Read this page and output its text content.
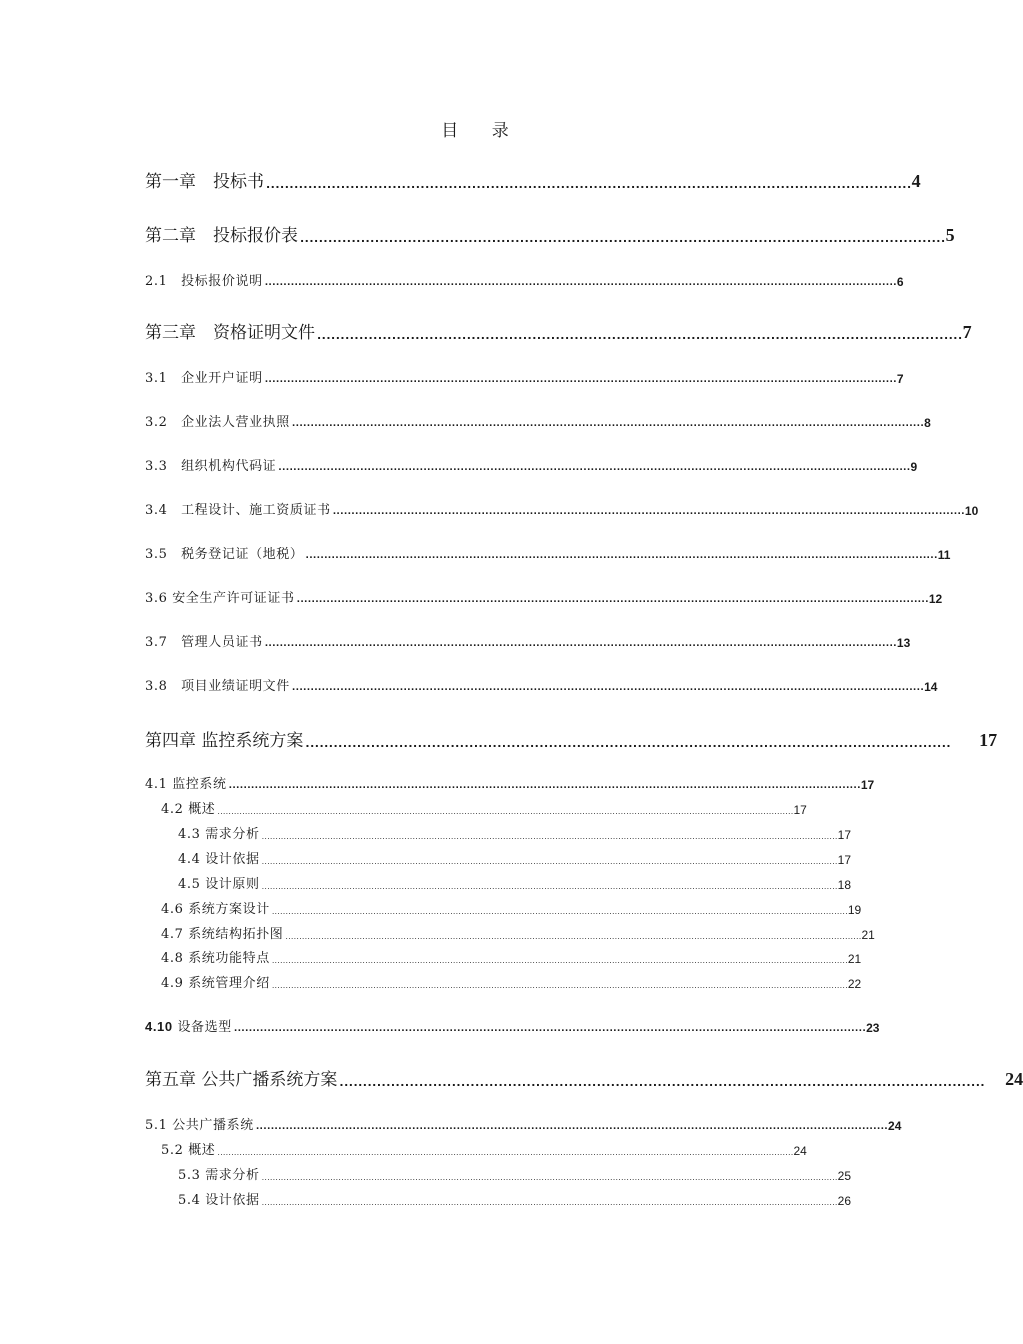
目 录
第一章　投标书 .......................................................................................................................................... 4
第二章　投标报价表 .......................................................................................................................................... 5
2.1　投标报价说明 .......................................................................................................................................................................... 6
第三章　资格证明文件 .......................................................................................................................................... 7
3.1　企业开户证明 .......................................................................................................................................................................... 7
3.2　企业法人营业执照 .......................................................................................................................................................................... 8
3.3　组织机构代码证 .......................................................................................................................................................................... 9
3.4　工程设计、施工资质证书 .......................................................................................................................................................................... 10
3.5　税务登记证（地税） .......................................................................................................................................................................... 11
3.6 安全生产许可证证书 .......................................................................................................................................................................... 12
3.7　管理人员证书 .......................................................................................................................................................................... 13
3.8　项目业绩证明文件 .......................................................................................................................................................................... 14
第四章 监控系统方案 .......................................................................................................................................... 17
4.1 监控系统 .......................................................................................................................................................................... 17
4.2 概述 .................................................................................................................................................................................................................. 17
4.3 需求分析 .................................................................................................................................................................................................................. 17
4.4 设计依据 .................................................................................................................................................................................................................. 17
4.5 设计原则 .................................................................................................................................................................................................................. 18
4.6 系统方案设计 .................................................................................................................................................................................................................. 19
4.7 系统结构拓扑图 .................................................................................................................................................................................................................. 21
4.8 系统功能特点 .................................................................................................................................................................................................................. 21
4.9 系统管理介绍 .................................................................................................................................................................................................................. 22
4.10 设备选型 .......................................................................................................................................................................... 23
第五章 公共广播系统方案 .......................................................................................................................................... 24
5.1 公共广播系统 .......................................................................................................................................................................... 24
5.2 概述 .................................................................................................................................................................................................................. 24
5.3 需求分析 .................................................................................................................................................................................................................. 25
5.4 设计依据 .................................................................................................................................................................................................................. 26
